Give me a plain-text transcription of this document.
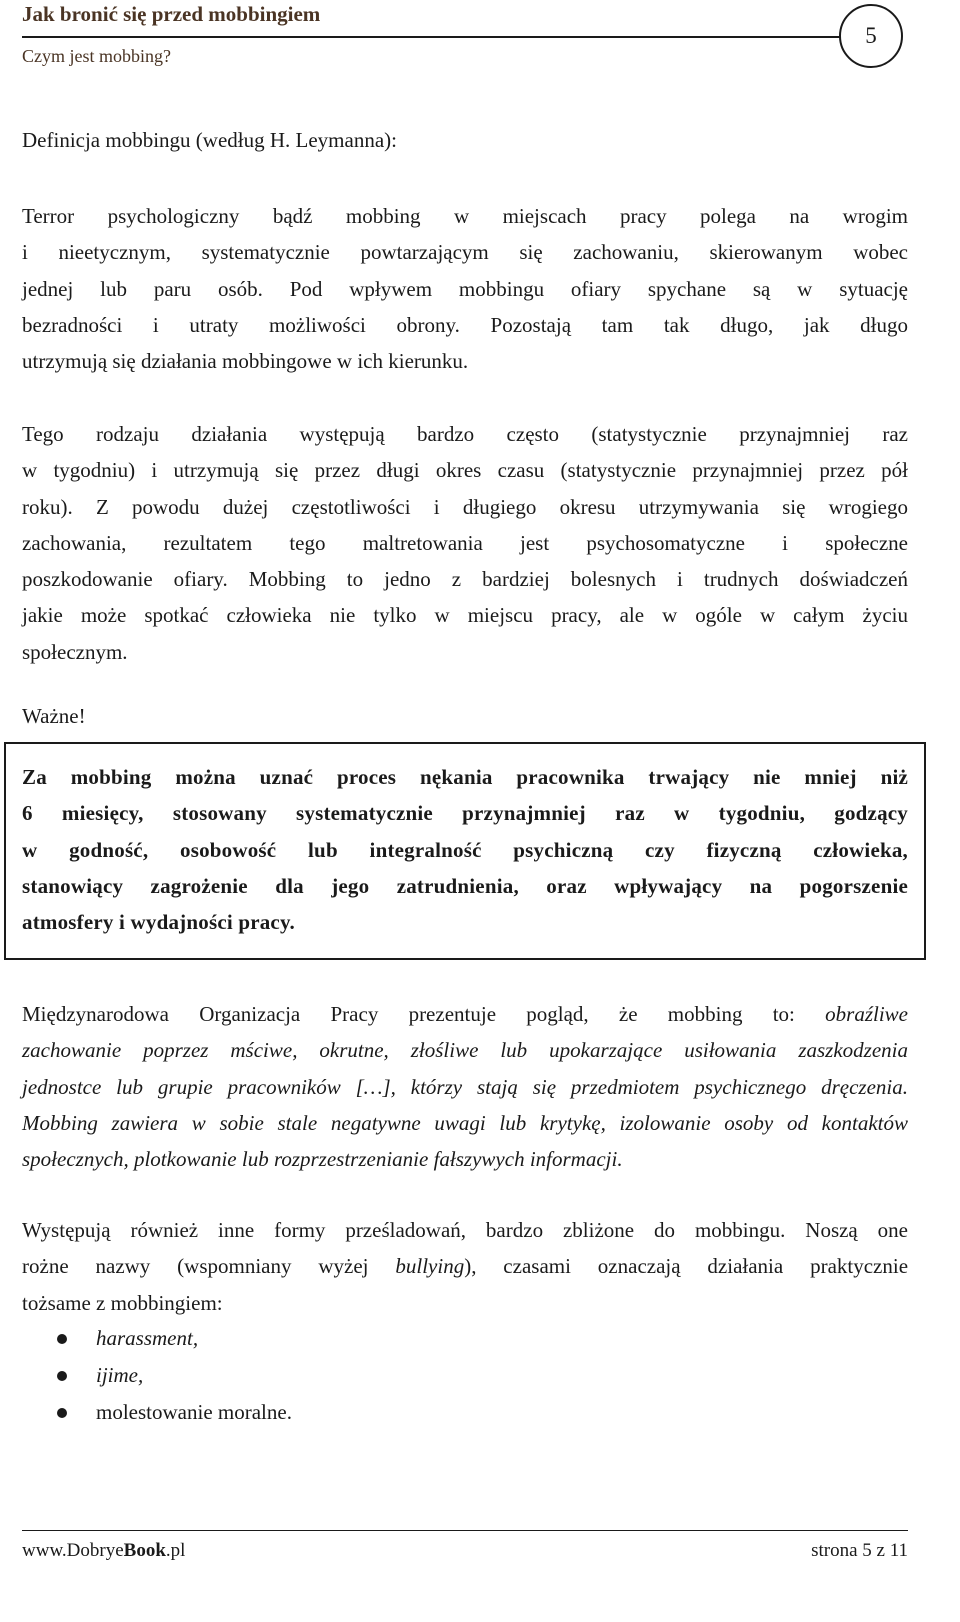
Jak bronić się przed mobbingiem
Czym jest mobbing?
5
Definicja mobbingu (według H. Leymanna):
Terror psychologiczny bądź mobbing w miejscach pracy polega na wrogim
i nieetycznym, systematycznie powtarzającym się zachowaniu, skierowanym wobec
jednej lub paru osób. Pod wpływem mobbingu ofiary spychane są w sytuację
bezradności i utraty możliwości obrony. Pozostają tam tak długo, jak długo
utrzymują się działania mobbingowe w ich kierunku.
Tego rodzaju działania występują bardzo często (statystycznie przynajmniej raz
w tygodniu) i utrzymują się przez długi okres czasu (statystycznie przynajmniej przez pół
roku). Z powodu dużej częstotliwości i długiego okresu utrzymywania się wrogiego
zachowania, rezultatem tego maltretowania jest psychosomatyczne i społeczne
poszkodowanie ofiary. Mobbing to jedno z bardziej bolesnych i trudnych doświadczeń
jakie może spotkać człowieka nie tylko w miejscu pracy, ale w ogóle w całym życiu
społecznym.
Ważne!
Za mobbing można uznać proces nękania pracownika trwający nie mniej niż
6 miesięcy, stosowany systematycznie przynajmniej raz w tygodniu, godzący
w godność, osobowość lub integralność psychiczną czy fizyczną człowieka,
stanowiący zagrożenie dla jego zatrudnienia, oraz wpływający na pogorszenie
atmosfery i wydajności pracy.
Międzynarodowa Organizacja Pracy prezentuje pogląd, że mobbing to: obraźliwe
zachowanie poprzez mściwe, okrutne, złośliwe lub upokarzające usiłowania zaszkodzenia
jednostce lub grupie pracowników […], którzy stają się przedmiotem psychicznego dręczenia.
Mobbing zawiera w sobie stale negatywne uwagi lub krytykę, izolowanie osoby od kontaktów
społecznych, plotkowanie lub rozprzestrzenianie fałszywych informacji.
Występują również inne formy prześladowań, bardzo zbliżone do mobbingu. Noszą one
rożne nazwy (wspomniany wyżej bullying), czasami oznaczają działania praktycznie
tożsame z mobbingiem:
harassment,
ijime,
molestowanie moralne.
www.DobryeBook.pl	strona 5 z 11
